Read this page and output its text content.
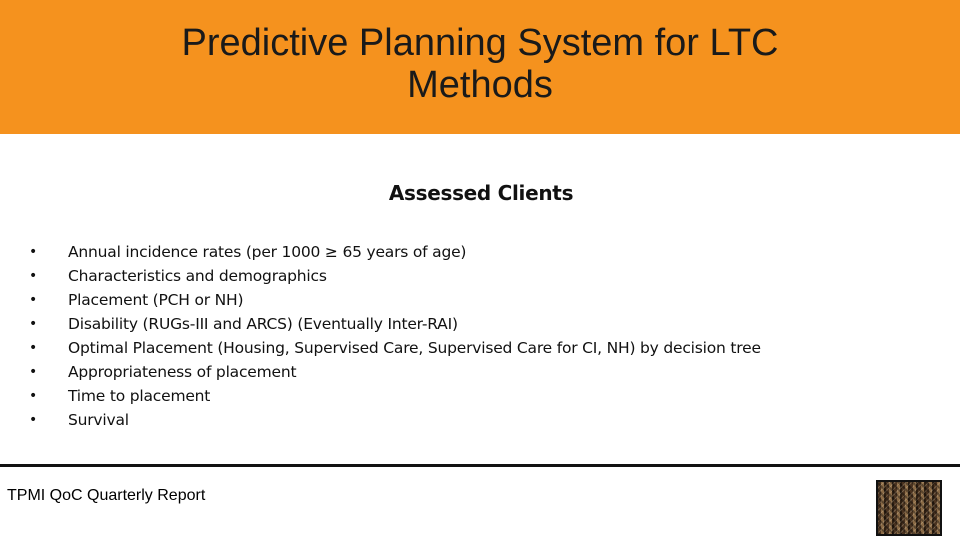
Predictive Planning System for LTC
Methods
Assessed Clients
• Annual incidence rates (per 1000 ≥ 65 years of age)
• Characteristics and demographics
• Placement (PCH or NH)
• Disability (RUGs-III and ARCS) (Eventually Inter-RAI)
• Optimal Placement (Housing, Supervised Care, Supervised Care for CI, NH) by decision tree
• Appropriateness of placement
• Time to placement
• Survival
TPMI QoC Quarterly Report
